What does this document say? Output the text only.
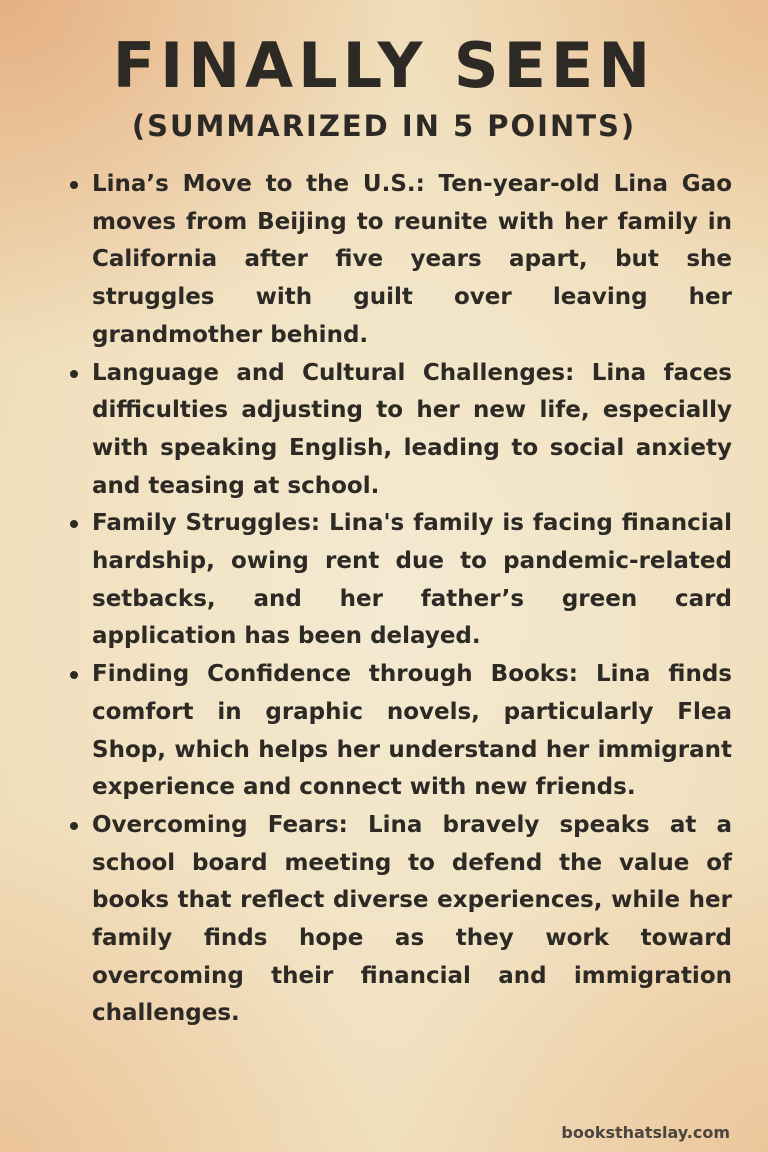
FINALLY SEEN
(SUMMARIZED IN 5 POINTS)
Lina’s Move to the U.S.: Ten-year-old Lina Gao moves from Beijing to reunite with her family in California after five years apart, but she struggles with guilt over leaving her grandmother behind.
Language and Cultural Challenges: Lina faces difficulties adjusting to her new life, especially with speaking English, leading to social anxiety and teasing at school.
Family Struggles: Lina's family is facing financial hardship, owing rent due to pandemic-related setbacks, and her father’s green card application has been delayed.
Finding Confidence through Books: Lina finds comfort in graphic novels, particularly Flea Shop, which helps her understand her immigrant experience and connect with new friends.
Overcoming Fears: Lina bravely speaks at a school board meeting to defend the value of books that reflect diverse experiences, while her family finds hope as they work toward overcoming their financial and immigration challenges.
booksthatslay.com
